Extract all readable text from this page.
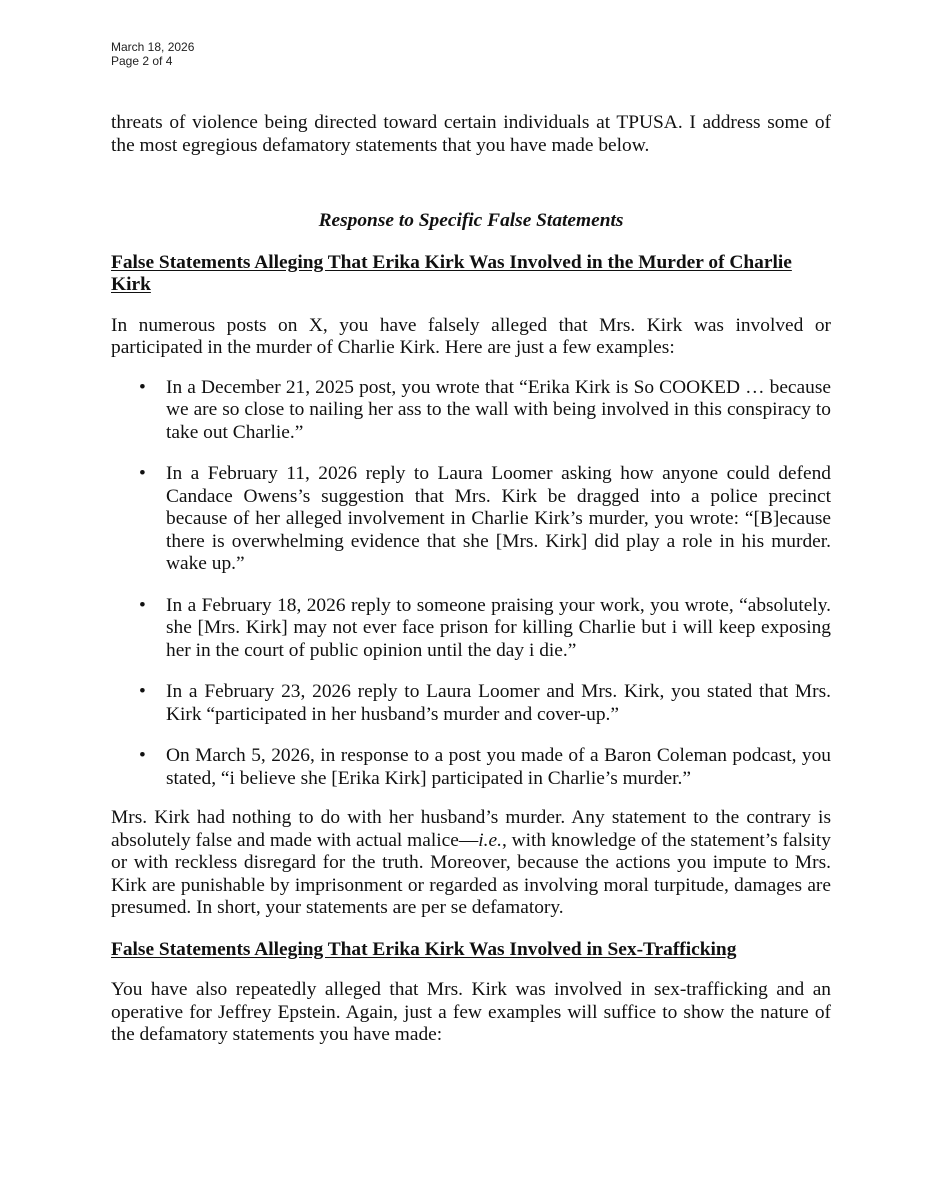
March 18, 2026
Page 2 of 4

threats of violence being directed toward certain individuals at TPUSA. I address some of the most egregious defamatory statements that you have made below.

Response to Specific False Statements

False Statements Alleging That Erika Kirk Was Involved in the Murder of Charlie Kirk

In numerous posts on X, you have falsely alleged that Mrs. Kirk was involved or participated in the murder of Charlie Kirk. Here are just a few examples:

• In a December 21, 2025 post, you wrote that “Erika Kirk is So COOKED … because we are so close to nailing her ass to the wall with being involved in this conspiracy to take out Charlie.”
• In a February 11, 2026 reply to Laura Loomer asking how anyone could defend Candace Owens’s suggestion that Mrs. Kirk be dragged into a police precinct because of her alleged involvement in Charlie Kirk’s murder, you wrote: “[B]ecause there is overwhelming evidence that she [Mrs. Kirk] did play a role in his murder. wake up.”
• In a February 18, 2026 reply to someone praising your work, you wrote, “absolutely. she [Mrs. Kirk] may not ever face prison for killing Charlie but i will keep exposing her in the court of public opinion until the day i die.”
• In a February 23, 2026 reply to Laura Loomer and Mrs. Kirk, you stated that Mrs. Kirk “participated in her husband’s murder and cover-up.”
• On March 5, 2026, in response to a post you made of a Baron Coleman podcast, you stated, “i believe she [Erika Kirk] participated in Charlie’s murder.”

Mrs. Kirk had nothing to do with her husband’s murder. Any statement to the contrary is absolutely false and made with actual malice—i.e., with knowledge of the statement’s falsity or with reckless disregard for the truth. Moreover, because the actions you impute to Mrs. Kirk are punishable by imprisonment or regarded as involving moral turpitude, damages are presumed. In short, your statements are per se defamatory.

False Statements Alleging That Erika Kirk Was Involved in Sex-Trafficking

You have also repeatedly alleged that Mrs. Kirk was involved in sex-trafficking and an operative for Jeffrey Epstein. Again, just a few examples will suffice to show the nature of the defamatory statements you have made:
